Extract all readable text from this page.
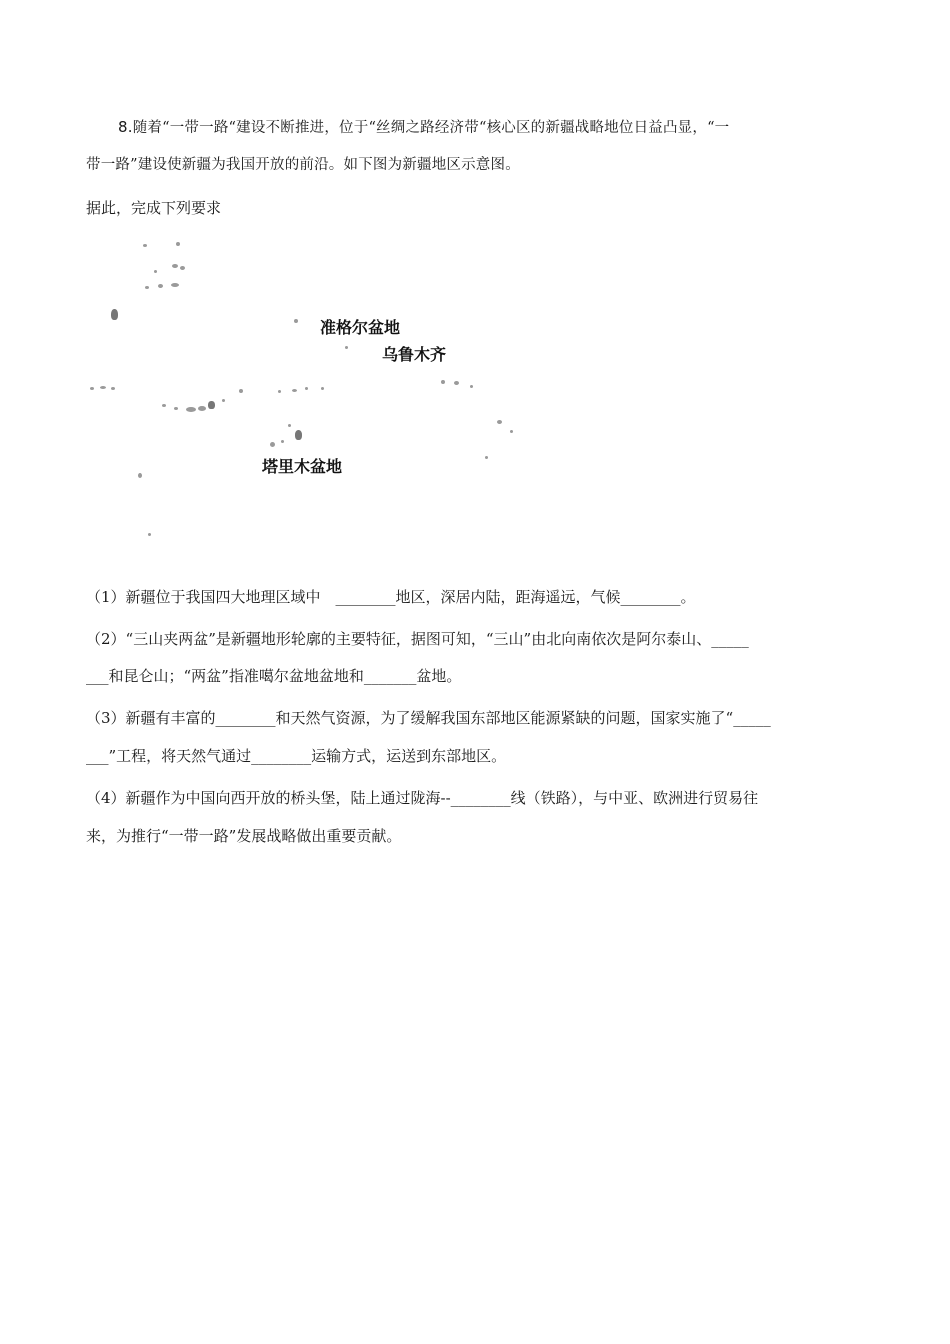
8.随着“一带一路“建设不断推进，位于“丝绸之路经济带“核心区的新疆战略地位日益凸显，“一
带一路”建设使新疆为我国开放的前沿。如下图为新疆地区示意图。
据此，完成下列要求
准格尔盆地
乌鲁木齐
塔里木盆地
（1）新疆位于我国四大地理区域中　________地区，深居内陆，距海遥远，气候________。
（2）“三山夹两盆”是新疆地形轮廓的主要特征，据图可知，“三山”由北向南依次是阿尔泰山、_____
___和昆仑山；“两盆”指准噶尔盆地盆地和_______盆地。
（3）新疆有丰富的________和天然气资源，为了缓解我国东部地区能源紧缺的问题，国家实施了“_____
___”工程，将天然气通过________运输方式，运送到东部地区。
（4）新疆作为中国向西开放的桥头堡，陆上通过陇海--________线（铁路），与中亚、欧洲进行贸易往
来，为推行“一带一路”发展战略做出重要贡献。
